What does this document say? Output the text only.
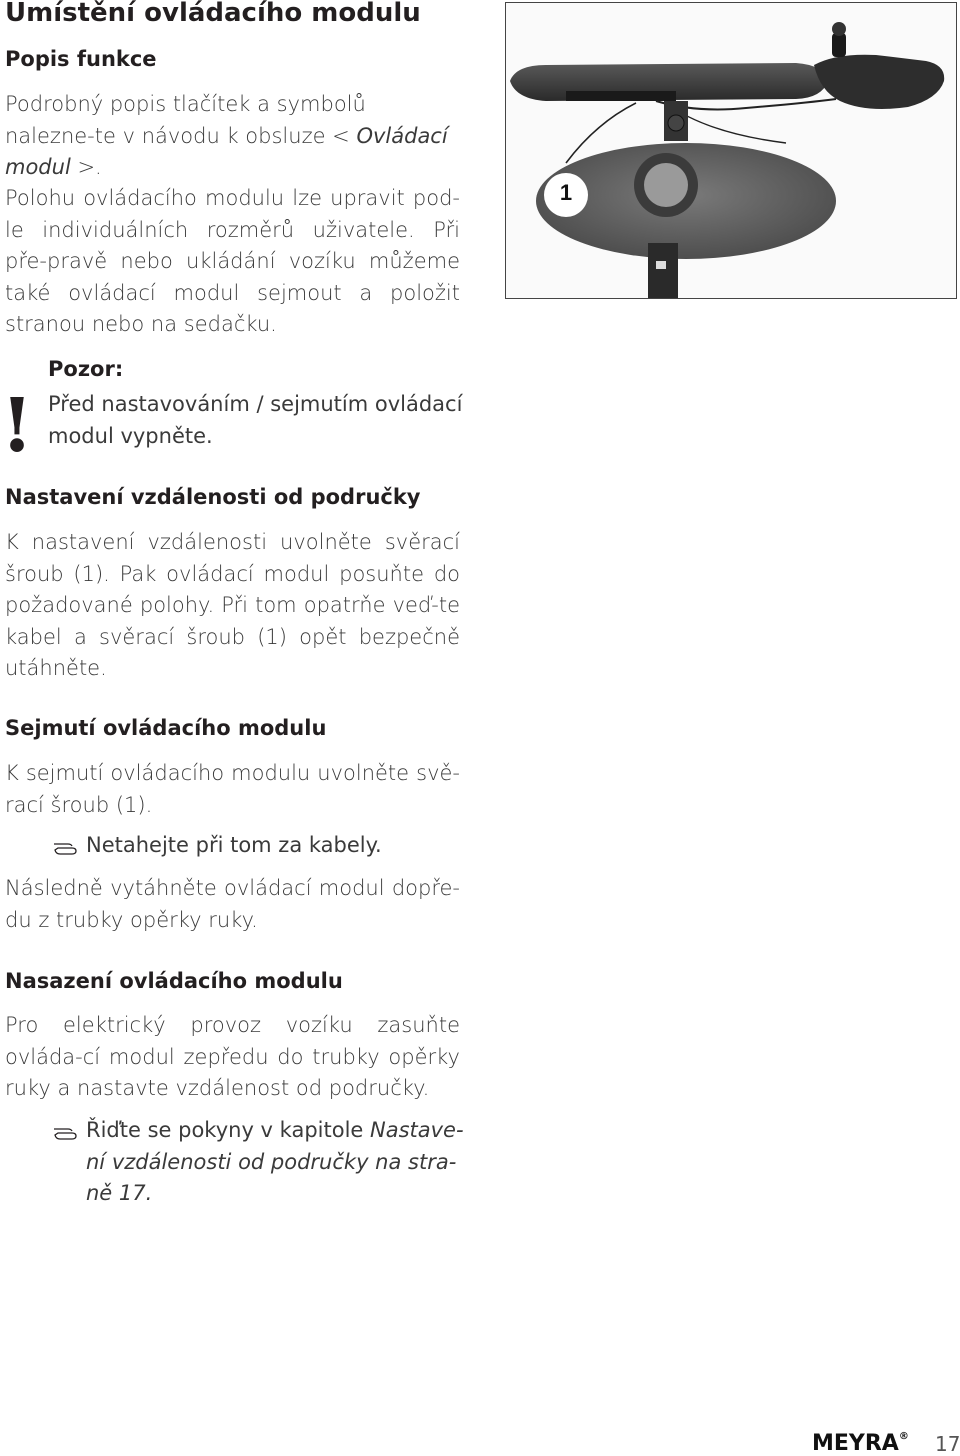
Umístění ovládacího modulu
Popis funkce
Podrobný popis tlačítek a symbolů nalezne-te v návodu k obsluze < Ovládací modul >.
Polohu ovládacího modulu lze upravit pod-le individuálních rozměrů uživatele. Při pře-pravě nebo ukládání vozíku můžeme také ovládací modul sejmout a položit stranou nebo na sedačku.
!
Pozor:
Před nastavováním / sejmutím ovládací modul vypněte.
Nastavení vzdálenosti od područky
K nastavení vzdálenosti uvolněte svěrací šroub (1). Pak ovládací modul posuňte do požadované polohy. Při tom opatrňe veď-te kabel a svěrací šroub (1) opět bezpečně utáhněte.
Sejmutí ovládacího modulu
K sejmutí ovládacího modulu uvolněte svě-rací šroub (1).
Netahejte při tom za kabely.
Následně vytáhněte ovládací modul dopře-du z trubky opěrky ruky.
Nasazení ovládacího modulu
Pro elektrický provoz vozíku zasuňte ovláda-cí modul zepředu do trubky opěrky ruky a nastavte vzdálenost od područky.
Řiďte se pokyny v kapitole Nastave-ní vzdálenosti od područky na stra-ně 17.
1
MEYRA® 17
